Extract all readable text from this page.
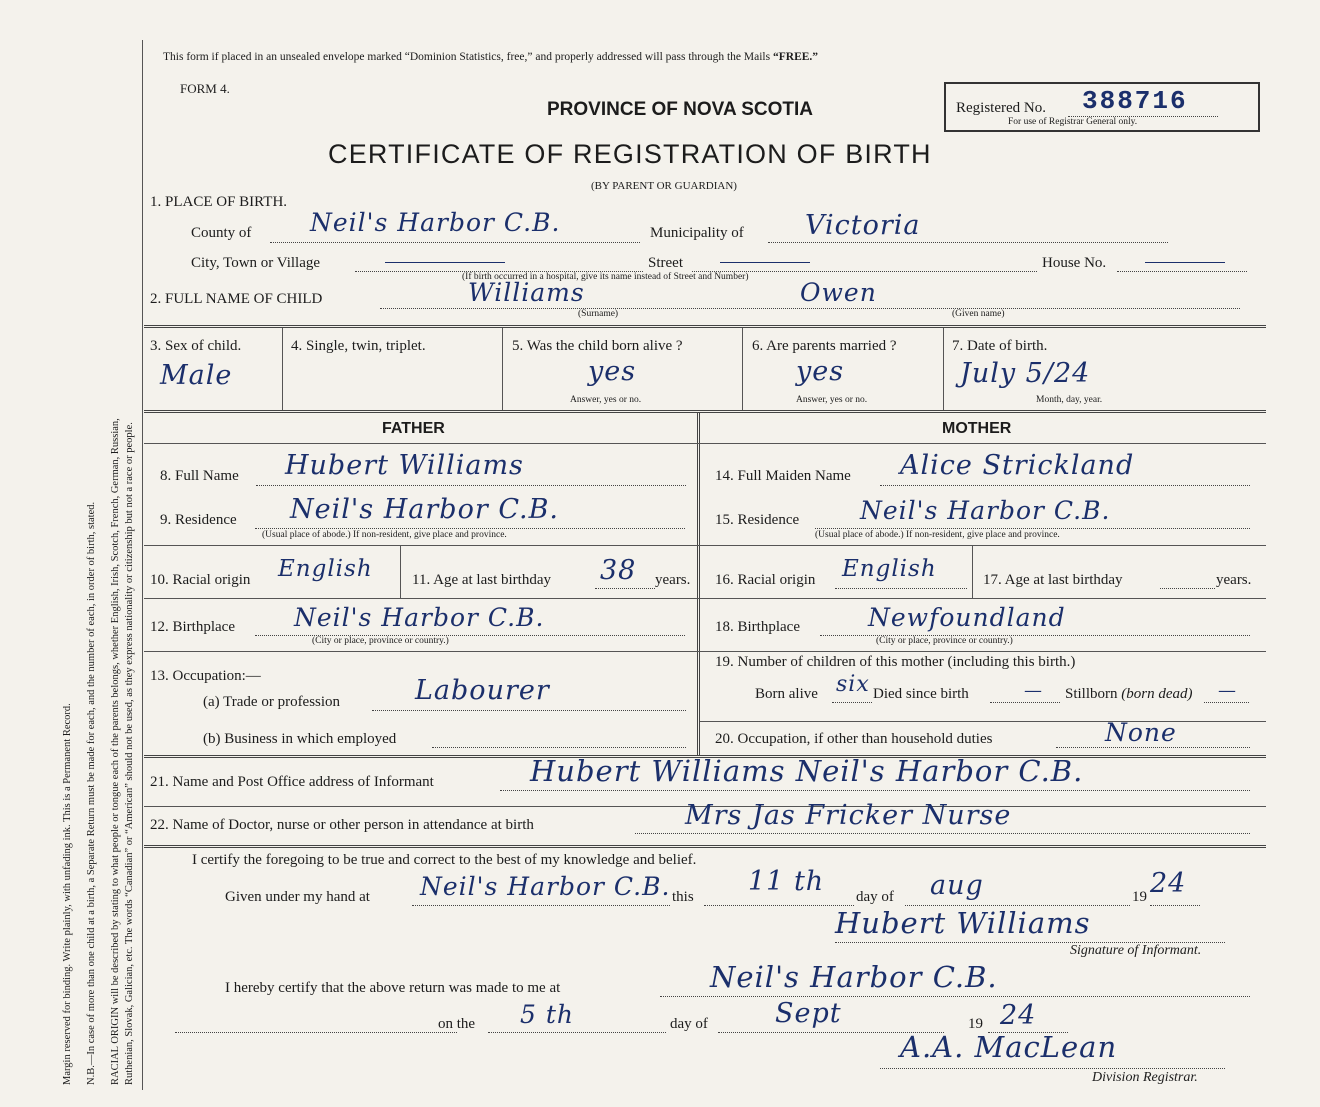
Margin reserved for binding. Write plainly, with unfading ink. This is a Permanent Record. N.B.—In case of more than one child at a birth, a Separate Return must be made for each, and the number of each, in order of birth, stated. RACIAL ORIGIN will be described by stating to what people or tongue each of the parents belongs, whether English, Irish, Scotch, French, German, Russian, Ruthenian, Slovak, Galician, etc. The words “Canadian” or “American” should not be used, as they express nationality or citizenship but not a race or people.
This form if placed in an unsealed envelope marked “Dominion Statistics, free,” and properly addressed will pass through the Mails “FREE.”
FORM 4.
PROVINCE OF NOVA SCOTIA
CERTIFICATE OF REGISTRATION OF BIRTH
(BY PARENT OR GUARDIAN)
Registered No. 388716
For use of Registrar General only.
1. PLACE OF BIRTH.
County of Neil's Harbor C.B.	Municipality of Victoria
City, Town or Village	Street	House No.
(If birth occurred in a hospital, give its name instead of Street and Number)
2. FULL NAME OF CHILD	Williams	Owen
(Surname)	(Given name)
3. Sex of child.
Male
4. Single, twin, triplet.	5. Was the child born alive ?
yes
Answer, yes or no.
6. Are parents married ?
yes
Answer, yes or no.
7. Date of birth.
July 5/24
Month, day, year.
FATHER	MOTHER
8. Full Name Hubert Williams	14. Full Maiden Name Alice Strickland
9. Residence Neil's Harbor C.B.
(Usual place of abode.) If non-resident, give place and province.
15. Residence Neil's Harbor C.B.
(Usual place of abode.) If non-resident, give place and province.
10. Racial origin English	11. Age at last birthday 38 years. 16. Racial origin English	17. Age at last birthday	years.
12. Birthplace Neil's Harbor C.B.
(City or place, province or country.)
18. Birthplace	Newfoundland
(City or place, province or country.)
13. Occupation:—
(a) Trade or profession	Labourer
(b) Business in which employed
19. Number of children of this mother (including this birth.)
Born alive six Died since birth	— Stillborn (born dead) —
20. Occupation, if other than household duties	None
21. Name and Post Office address of Informant	Hubert Williams Neil's Harbor C.B.
22. Name of Doctor, nurse or other person in attendance at birth	Mrs Jas Fricker Nurse
I certify the foregoing to be true and correct to the best of my knowledge and belief.
Given under my hand at Neil's Harbor C.B. this 11 th day of aug	19 24
Hubert Williams
Signature of Informant.
I hereby certify that the above return was made to me at	Neil's Harbor C.B.
on the 5 th	day of Sept	19 24
A.A. MacLean
Division Registrar.
